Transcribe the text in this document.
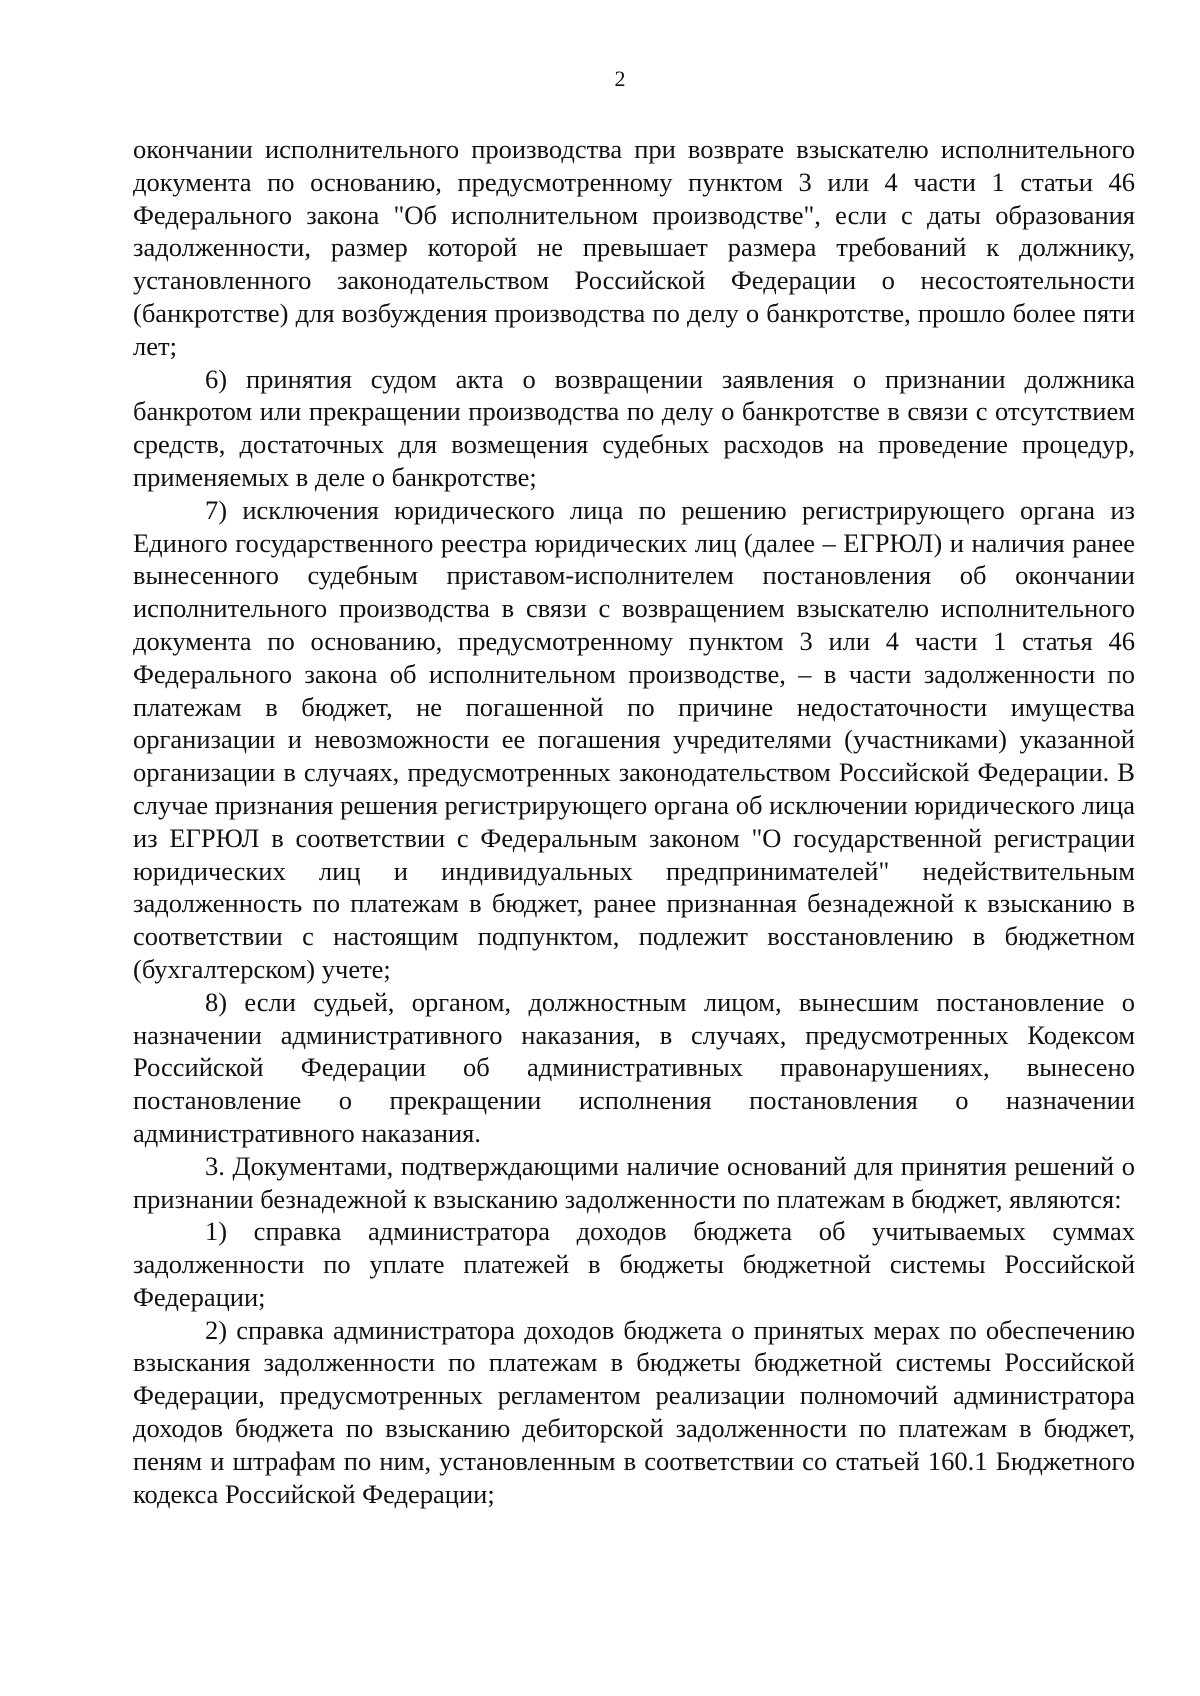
2

окончании исполнительного производства при возврате взыскателю исполнительного документа по основанию, предусмотренному пунктом 3 или 4 части 1 статьи 46 Федерального закона "Об исполнительном производстве", если с даты образования задолженности, размер которой не превышает размера требований к должнику, установленного законодательством Российской Федерации о несостоятельности (банкротстве) для возбуждения производства по делу о банкротстве, прошло более пяти лет;

6) принятия судом акта о возвращении заявления о признании должника банкротом или прекращении производства по делу о банкротстве в связи с отсутствием средств, достаточных для возмещения судебных расходов на проведение процедур, применяемых в деле о банкротстве;

7) исключения юридического лица по решению регистрирующего органа из Единого государственного реестра юридических лиц (далее – ЕГРЮЛ) и наличия ранее вынесенного судебным приставом-исполнителем постановления об окончании исполнительного производства в связи с возвращением взыскателю исполнительного документа по основанию, предусмотренному пунктом 3 или 4 части 1 статья 46 Федерального закона об исполнительном производстве, – в части задолженности по платежам в бюджет, не погашенной по причине недостаточности имущества организации и невозможности ее погашения учредителями (участниками) указанной организации в случаях, предусмотренных законодательством Российской Федерации. В случае признания решения регистрирующего органа об исключении юридического лица из ЕГРЮЛ в соответствии с Федеральным законом "О государственной регистрации юридических лиц и индивидуальных предпринимателей" недействительным задолженность по платежам в бюджет, ранее признанная безнадежной к взысканию в соответствии с настоящим подпунктом, подлежит восстановлению в бюджетном (бухгалтерском) учете;

8) если судьей, органом, должностным лицом, вынесшим постановление о назначении административного наказания, в случаях, предусмотренных Кодексом Российской Федерации об административных правонарушениях, вынесено постановление о прекращении исполнения постановления о назначении административного наказания.

3. Документами, подтверждающими наличие оснований для принятия решений о признании безнадежной к взысканию задолженности по платежам в бюджет, являются:

1) справка администратора доходов бюджета об учитываемых суммах задолженности по уплате платежей в бюджеты бюджетной системы Российской Федерации;

2) справка администратора доходов бюджета о принятых мерах по обеспечению взыскания задолженности по платежам в бюджеты бюджетной системы Российской Федерации, предусмотренных регламентом реализации полномочий администратора доходов бюджета по взысканию дебиторской задолженности по платежам в бюджет, пеням и штрафам по ним, установленным в соответствии со статьей 160.1 Бюджетного кодекса Российской Федерации;
